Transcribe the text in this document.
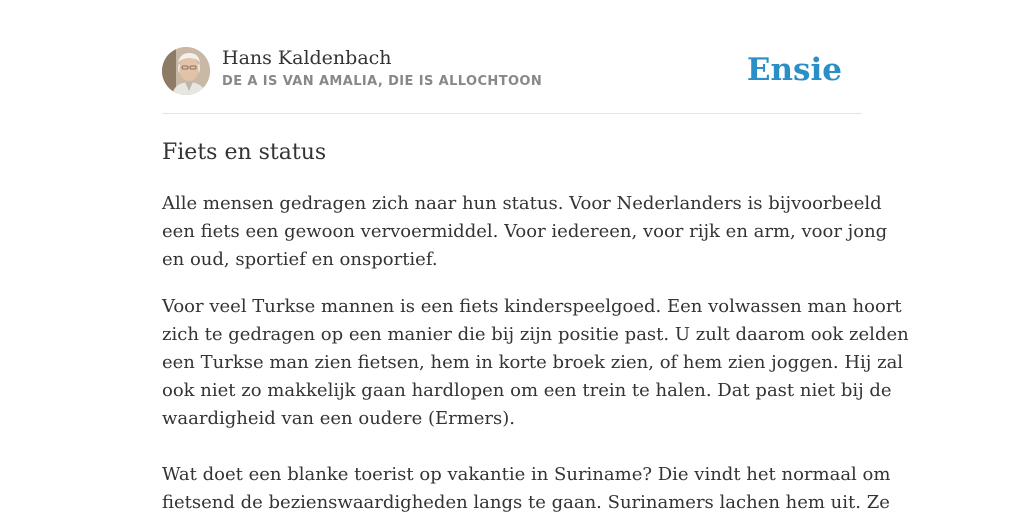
Hans Kaldenbach
DE A IS VAN AMALIA, DIE IS ALLOCHTOON	Ensie
Fiets en status
Alle mensen gedragen zich naar hun status. Voor Nederlanders is bijvoorbeeld
een fiets een gewoon vervoermiddel. Voor iedereen, voor rijk en arm, voor jong
en oud, sportief en onsportief.
Voor veel Turkse mannen is een fiets kinderspeelgoed. Een volwassen man hoort
zich te gedragen op een manier die bij zijn positie past. U zult daarom ook zelden
een Turkse man zien fietsen, hem in korte broek zien, of hem zien joggen. Hij zal
ook niet zo makkelijk gaan hardlopen om een trein te halen. Dat past niet bij de
waardigheid van een oudere (Ermers).
Wat doet een blanke toerist op vakantie in Suriname? Die vindt het normaal om
fietsend de bezienswaardigheden langs te gaan. Surinamers lachen hem uit. Ze
